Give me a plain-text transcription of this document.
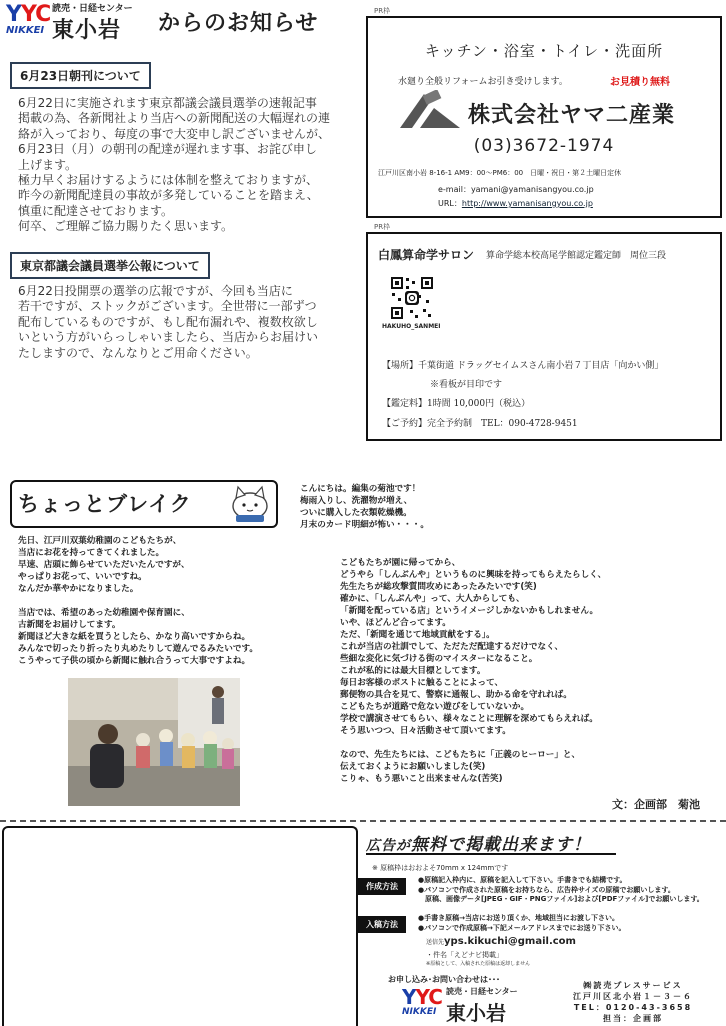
YYC
NIKKEI
読売・日経センター
東小岩 からのお知らせ
6月23日朝刊について
6月22日に実施されます東京都議会議員選挙の速報記事
掲載の為、各新聞社より当店への新聞配送の大幅遅れの連
絡が入っており、毎度の事で大変申し訳ございませんが、
6月23日（月）の朝刊の配達が遅れます事、お詫び申し
上げます。
極力早くお届けするようには体制を整えておりますが、
昨今の新聞配達員の事故が多発していることを踏まえ、
慎重に配達させております。
何卒、ご理解ご協力賜りたく思います。
東京都議会議員選挙公報について
6月22日投開票の選挙の広報ですが、今回も当店に
若干ですが、ストックがございます。全世帯に一部ずつ
配布しているものですが、もし配布漏れや、複数枚欲し
いという方がいらっしゃいましたら、当店からお届けい
たしますので、なんなりとご用命ください。
PR枠
キッチン・浴室・トイレ・洗面所
水廻り全般リフォームお引き受けします。	お見積り無料
株式会社ヤマ二産業
(03)3672-1974
江戸川区南小岩 8-16-1 AM9：00〜PM6：00　日曜・祝日・第２土曜日定休
e-mail：yamani@yamanisangyou.co.jp
URL：http://www.yamanisangyou.co.jp
PR枠
白鳳算命学サロン 算命学総本校高尾学館認定鑑定師　周位三段
HAKUHO_SANMEI
【場所】千葉街道 ドラッグセイムスさん南小岩７丁目店「向かい側」
※看板が目印です
【鑑定料】1時間 10,000円（税込）
【ご予約】完全予約制　TEL：090-4728-9451
ちょっとブレイク
こんにちは。編集の菊池です！
梅雨入りし、洗濯物が増え、
ついに購入した衣類乾燥機。
月末のカード明細が怖い・・・。
先日、江戸川双葉幼稚園のこどもたちが、
当店にお花を持ってきてくれました。
早速、店頭に飾らせていただいたんですが、
やっぱりお花って、いいですね。
なんだか華やかになりました。
当店では、希望のあった幼稚園や保育園に、
古新聞をお届けしてます。
新聞ほど大きな紙を買うとしたら、かなり高いですからね。
みんなで切ったり折ったり丸めたりして遊んでるみたいです。
こうやって子供の頃から新聞に触れ合うって大事ですよね。
こどもたちが園に帰ってから、
どうやら「しんぶんや」というものに興味を持ってもらえたらしく、
先生たちが総攻撃質問攻めにあったみたいです(笑)
確かに、「しんぶんや」って、大人からしても、
「新聞を配っている店」というイメージしかないかもしれません。
いや、ほどんど合ってます。
ただ、「新聞を通じて地域貢献をする」。
これが当店の社訓でして、ただただ配達するだけでなく、
些細な変化に気づける街のマイスターになること。
これが私的には最大目標としてます。
毎日お客様のポストに触ることによって、
郵便物の具合を見て、警察に通報し、助かる命を守れれば。
こどもたちが道路で危ない遊びをしていないか。
学校で講演させてもらい、様々なことに理解を深めてもらえれば。
そう思いつつ、日々活動させて頂いてます。
なので、先生たちには、こどもたちに「正義のヒーロー」と、
伝えておくようにお願いしました(笑)
こりゃ、もう悪いこと出来ませんな(苦笑)
文：企画部　菊池
広告が無料で掲載出来ます！
※ 原稿枠はおおよそ70mm x 124mmです
作成方法
●原稿記入枠内に、原稿を記入して下さい。手書きでも結構です。
●パソコンで作成された原稿をお持ちなら、広告枠サイズの原稿でお願いします。
　原稿、画像データ[JPEG・GIF・PNGファイル]および[PDFファイル]でお願いします。
入稿方法
●手書き原稿→当店にお送り頂くか、地域担当にお渡し下さい。
●パソコンで作成原稿→下記メールアドレスまでにお送り下さい。
送信先yps.kikuchi@gmail.com
・件名「えどナビ掲載」
※原稿として、入稿された原稿は返却しません
お申し込み･お問い合わせは･･･
YYC
NIKKEI
読売・日経センター
東小岩
㈱読売プレスサービス
江戸川区北小岩１－３－６
TEL：0120-43-3658
担当：企画部
